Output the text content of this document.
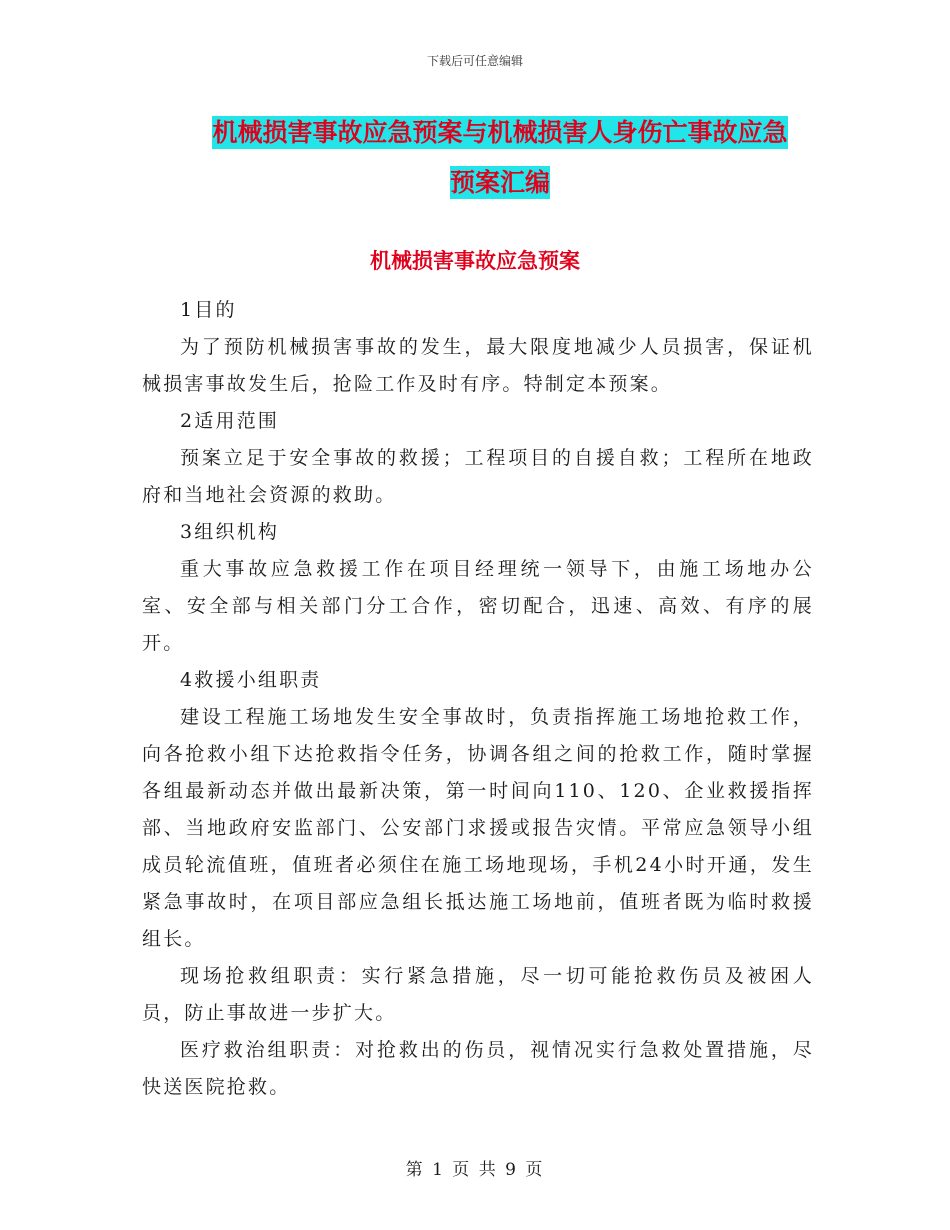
下载后可任意编辑
机械损害事故应急预案与机械损害人身伤亡事故应急
预案汇编
机械损害事故应急预案

1目的

为了预防机械损害事故的发生，最大限度地减少人员损害，保证机械损害事故发生后，抢险工作及时有序。特制定本预案。

2适用范围

预案立足于安全事故的救援；工程项目的自援自救；工程所在地政府和当地社会资源的救助。

3组织机构

重大事故应急救援工作在项目经理统一领导下，由施工场地办公室、安全部与相关部门分工合作，密切配合，迅速、高效、有序的展开。

4救援小组职责

建设工程施工场地发生安全事故时，负责指挥施工场地抢救工作，向各抢救小组下达抢救指令任务，协调各组之间的抢救工作，随时掌握各组最新动态并做出最新决策，第一时间向110、120、企业救援指挥部、当地政府安监部门、公安部门求援或报告灾情。平常应急领导小组成员轮流值班，值班者必须住在施工场地现场，手机24小时开通，发生紧急事故时，在项目部应急组长抵达施工场地前，值班者既为临时救援组长。

现场抢救组职责：实行紧急措施，尽一切可能抢救伤员及被困人员，防止事故进一步扩大。

医疗救治组职责：对抢救出的伤员，视情况实行急救处置措施，尽快送医院抢救。

第 1 页 共 9 页
